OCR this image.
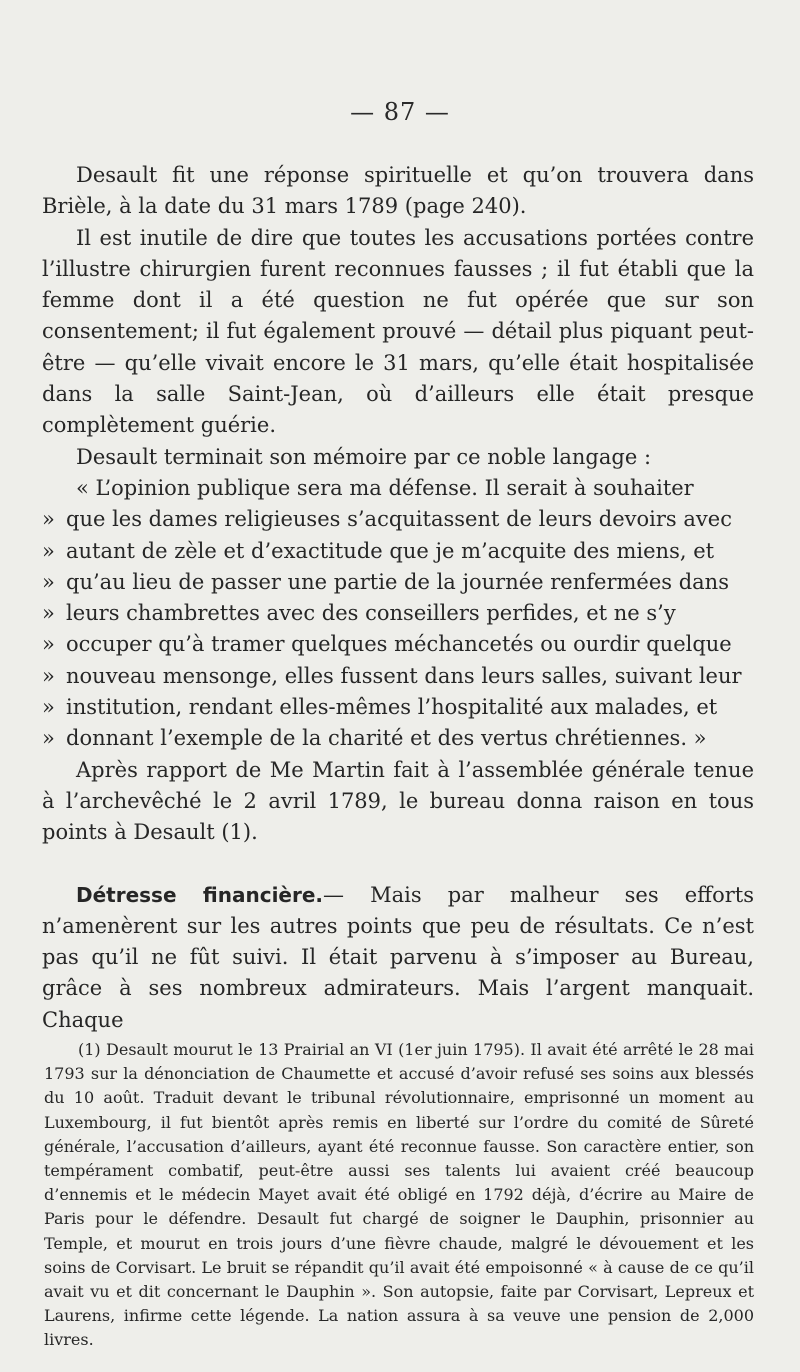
— 87 —

Desault fit une réponse spirituelle et qu’on trouvera dans Brièle, à la date du 31 mars 1789 (page 240).

Il est inutile de dire que toutes les accusations portées contre l’illustre chirurgien furent reconnues fausses ; il fut établi que la femme dont il a été question ne fut opérée que sur son consentement; il fut également prouvé — détail plus piquant peut-être — qu’elle vivait encore le 31 mars, qu’elle était hospitalisée dans la salle Saint-Jean, où d’ailleurs elle était presque complètement guérie.

Desault terminait son mémoire par ce noble langage :

« L’opinion publique sera ma défense. Il serait à souhaiter

» que les dames religieuses s’acquitassent de leurs devoirs avec

» autant de zèle et d’exactitude que je m’acquite des miens, et

» qu’au lieu de passer une partie de la journée renfermées dans

» leurs chambrettes avec des conseillers perfides, et ne s’y

» occuper qu’à tramer quelques méchancetés ou ourdir quelque

» nouveau mensonge, elles fussent dans leurs salles, suivant leur

» institution, rendant elles-mêmes l’hospitalité aux malades, et

» donnant l’exemple de la charité et des vertus chrétiennes. »

Après rapport de Me Martin fait à l’assemblée générale tenue à l’archevêché le 2 avril 1789, le bureau donna raison en tous points à Desault (1).

Détresse financière.— Mais par malheur ses efforts n’amenèrent sur les autres points que peu de résultats. Ce n’est pas qu’il ne fût suivi. Il était parvenu à s’imposer au Bureau, grâce à ses nombreux admirateurs. Mais l’argent manquait. Chaque

(1) Desault mourut le 13 Prairial an VI (1er juin 1795). Il avait été arrêté le 28 mai 1793 sur la dénonciation de Chaumette et accusé d’avoir refusé ses soins aux blessés du 10 août. Traduit devant le tribunal révolutionnaire, emprisonné un moment au Luxembourg, il fut bientôt après remis en liberté sur l’ordre du comité de Sûreté générale, l’accusation d’ailleurs, ayant été reconnue fausse. Son caractère entier, son tempérament combatif, peut-être aussi ses talents lui avaient créé beaucoup d’ennemis et le médecin Mayet avait été obligé en 1792 déjà, d’écrire au Maire de Paris pour le défendre. Desault fut chargé de soigner le Dauphin, prisonnier au Temple, et mourut en trois jours d’une fièvre chaude, malgré le dévouement et les soins de Corvisart. Le bruit se répandit qu’il avait été empoisonné « à cause de ce qu’il avait vu et dit concernant le Dauphin ». Son autopsie, faite par Corvisart, Lepreux et Laurens, infirme cette légende. La nation assura à sa veuve une pension de 2,000 livres.
